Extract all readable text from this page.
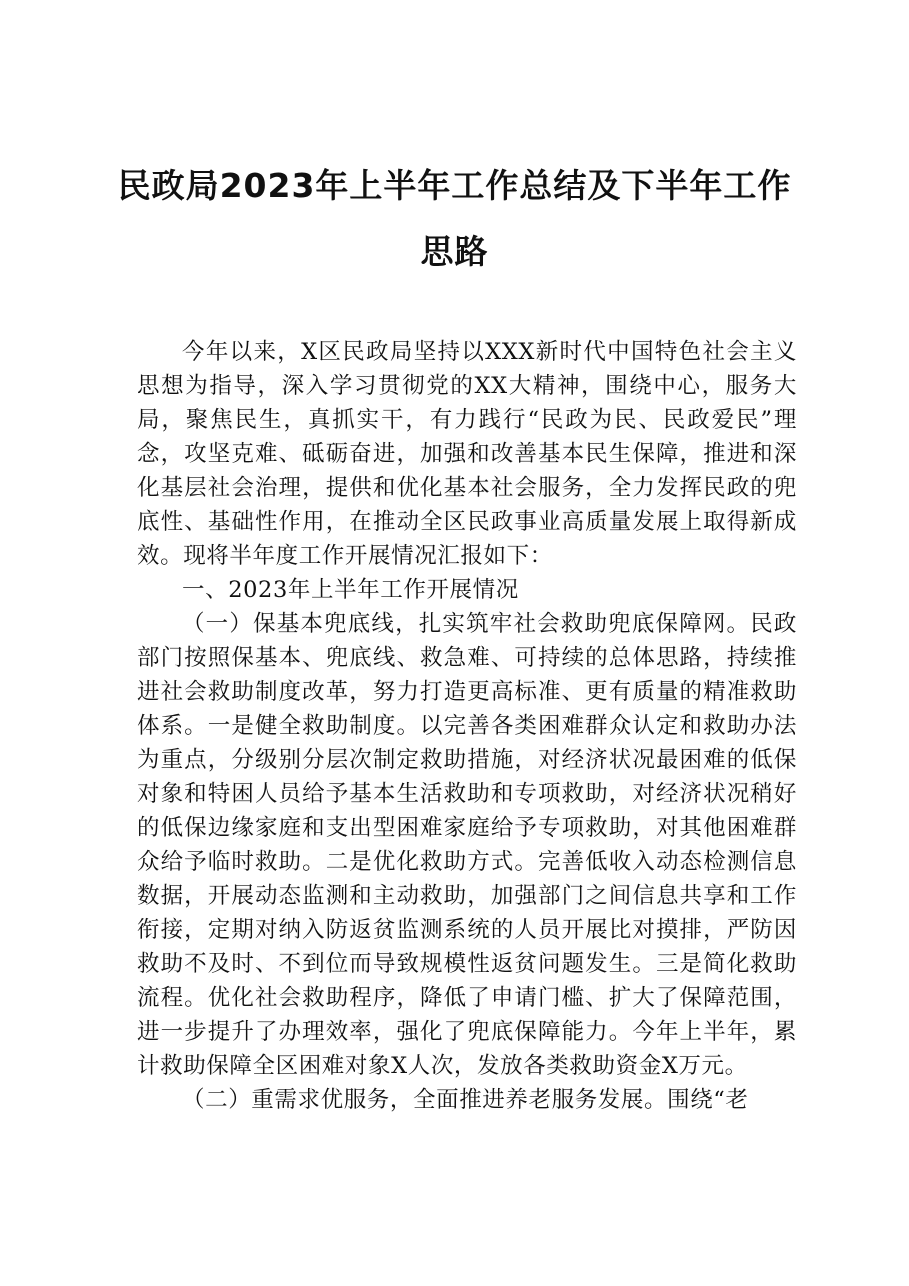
民政局2023年上半年工作总结及下半年工作
思路

今年以来，X区民政局坚持以XXX新时代中国特色社会主义思想为指导，深入学习贯彻党的XX大精神，围绕中心，服务大局，聚焦民生，真抓实干，有力践行“民政为民、民政爱民”理念，攻坚克难、砥砺奋进，加强和改善基本民生保障，推进和深化基层社会治理，提供和优化基本社会服务，全力发挥民政的兜底性、基础性作用，在推动全区民政事业高质量发展上取得新成效。现将半年度工作开展情况汇报如下：

一、2023年上半年工作开展情况

（一）保基本兜底线，扎实筑牢社会救助兜底保障网。民政部门按照保基本、兜底线、救急难、可持续的总体思路，持续推进社会救助制度改革，努力打造更高标准、更有质量的精准救助体系。一是健全救助制度。以完善各类困难群众认定和救助办法为重点，分级别分层次制定救助措施，对经济状况最困难的低保对象和特困人员给予基本生活救助和专项救助，对经济状况稍好的低保边缘家庭和支出型困难家庭给予专项救助，对其他困难群众给予临时救助。二是优化救助方式。完善低收入动态检测信息数据，开展动态监测和主动救助，加强部门之间信息共享和工作衔接，定期对纳入防返贫监测系统的人员开展比对摸排，严防因救助不及时、不到位而导致规模性返贫问题发生。三是简化救助流程。优化社会救助程序，降低了申请门槛、扩大了保障范围，进一步提升了办理效率，强化了兜底保障能力。今年上半年，累计救助保障全区困难对象X人次，发放各类救助资金X万元。

（二）重需求优服务，全面推进养老服务发展。围绕“老
